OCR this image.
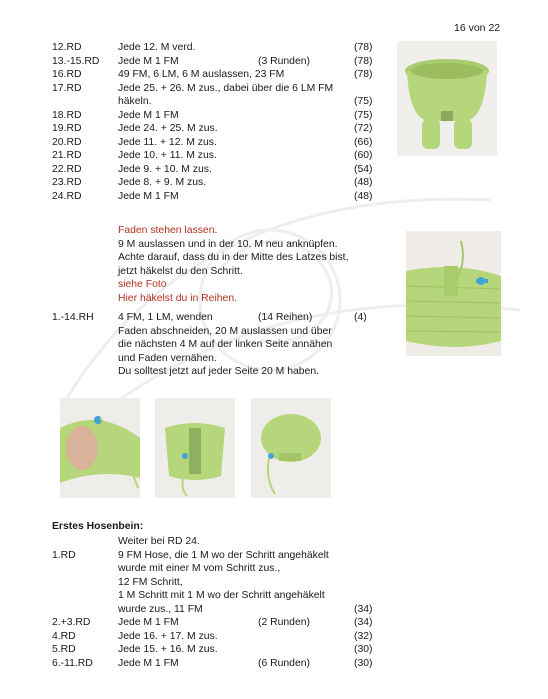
16 von 22
12.RD	Jede 12. M verd.	(78)
13.-15.RD Jede M 1 FM	(3 Runden)	(78)
16.RD	49 FM, 6 LM, 6 M auslassen, 23 FM	(78)
17.RD	Jede 25. + 26. M zus., dabei über die 6 LM FM
häkeln.	(75)
18.RD	Jede M 1 FM	(75)
19.RD	Jede 24. + 25. M zus.	(72)
20.RD	Jede 11. + 12. M zus.	(66)
21.RD	Jede 10. + 11. M zus.	(60)
22.RD	Jede 9. + 10. M zus.	(54)
23.RD	Jede 8. + 9. M zus.	(48)
24.RD	Jede M 1 FM	(48)
Faden stehen lassen.
9 M auslassen und in der 10. M neu anknüpfen.
Achte darauf, dass du in der Mitte des Latzes bist,
jetzt häkelst du den Schritt.
siehe Foto
Hier häkelst du in Reihen.
1.-14.RH 4 FM, 1 LM, wenden	(14 Reihen)	(4)
Faden abschneiden, 20 M auslassen und über
die nächsten 4 M auf der linken Seite annähen
und Faden vernähen.
Du solltest jetzt auf jeder Seite 20 M haben.
Erstes Hosenbein:
Weiter bei RD 24.
1.RD	9 FM Hose, die 1 M wo der Schritt angehäkelt
wurde mit einer M vom Schritt zus.,
12 FM Schritt,
1 M Schritt mit 1 M wo der Schritt angehäkelt
wurde zus., 11 FM	(34)
2.+3.RD	Jede M 1 FM	(2 Runden)	(34)
4.RD	Jede 16. + 17. M zus.	(32)
5.RD	Jede 15. + 16. M zus.	(30)
6.-11.RD Jede M 1 FM	(6 Runden)	(30)
